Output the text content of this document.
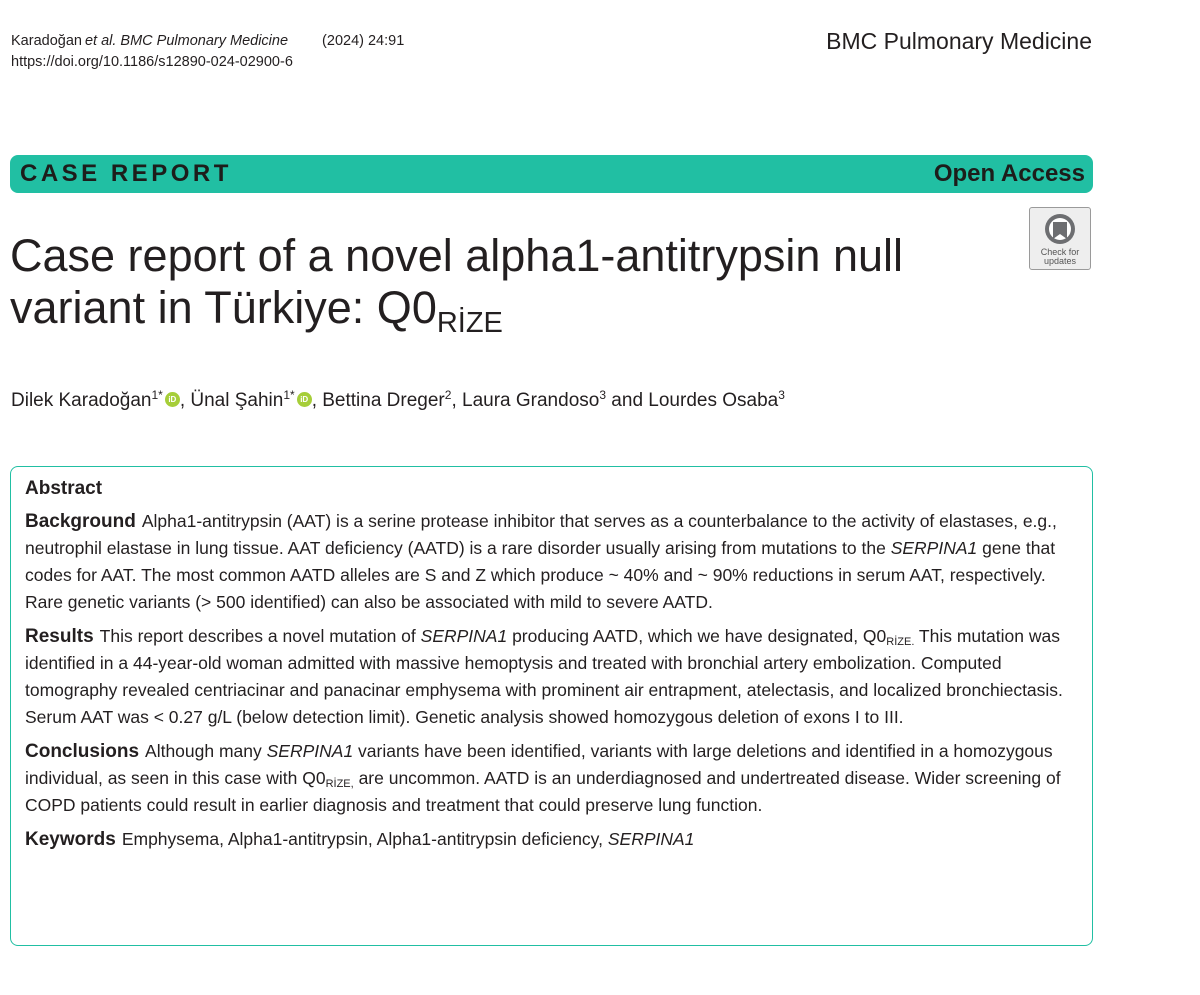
Karadoğan et al. BMC Pulmonary Medicine (2024) 24:91
https://doi.org/10.1186/s12890-024-02900-6
BMC Pulmonary Medicine
CASE REPORT	Open Access
Check for
updates
Case report of a novel alpha1-antitrypsin null variant in Türkiye: $Q0_{RİZE}$
Dilek Karadoğan$^{1*}$ iD , Ünal Şahin$^{1*}$ iD , Bettina Dreger$^2$, Laura Grandoso$^3$ and Lourdes Osaba$^3$
Abstract
Background Alpha1-antitrypsin (AAT) is a serine protease inhibitor that serves as a counterbalance to the activity of elastases, e.g., neutrophil elastase in lung tissue. AAT deficiency (AATD) is a rare disorder usually arising from mutations to the SERPINA1 gene that codes for AAT. The most common AATD alleles are S and Z which produce ~ 40% and ~ 90% reductions in serum AAT, respectively. Rare genetic variants (> 500 identified) can also be associated with mild to severe AATD.
Results This report describes a novel mutation of SERPINA1 producing AATD, which we have designated, $Q0_{RİZE.}$ This mutation was identified in a 44-year-old woman admitted with massive hemoptysis and treated with bronchial artery embolization. Computed tomography revealed centriacinar and panacinar emphysema with prominent air entrapment, atelectasis, and localized bronchiectasis. Serum AAT was < 0.27 g/L (below detection limit). Genetic analysis showed homozygous deletion of exons I to III.
Conclusions Although many SERPINA1 variants have been identified, variants with large deletions and identified in a homozygous individual, as seen in this case with $Q0_{RİZE,}$ are uncommon. AATD is an underdiagnosed and undertreated disease. Wider screening of COPD patients could result in earlier diagnosis and treatment that could preserve lung function.
Keywords Emphysema, Alpha1-antitrypsin, Alpha1-antitrypsin deficiency, SERPINA1
